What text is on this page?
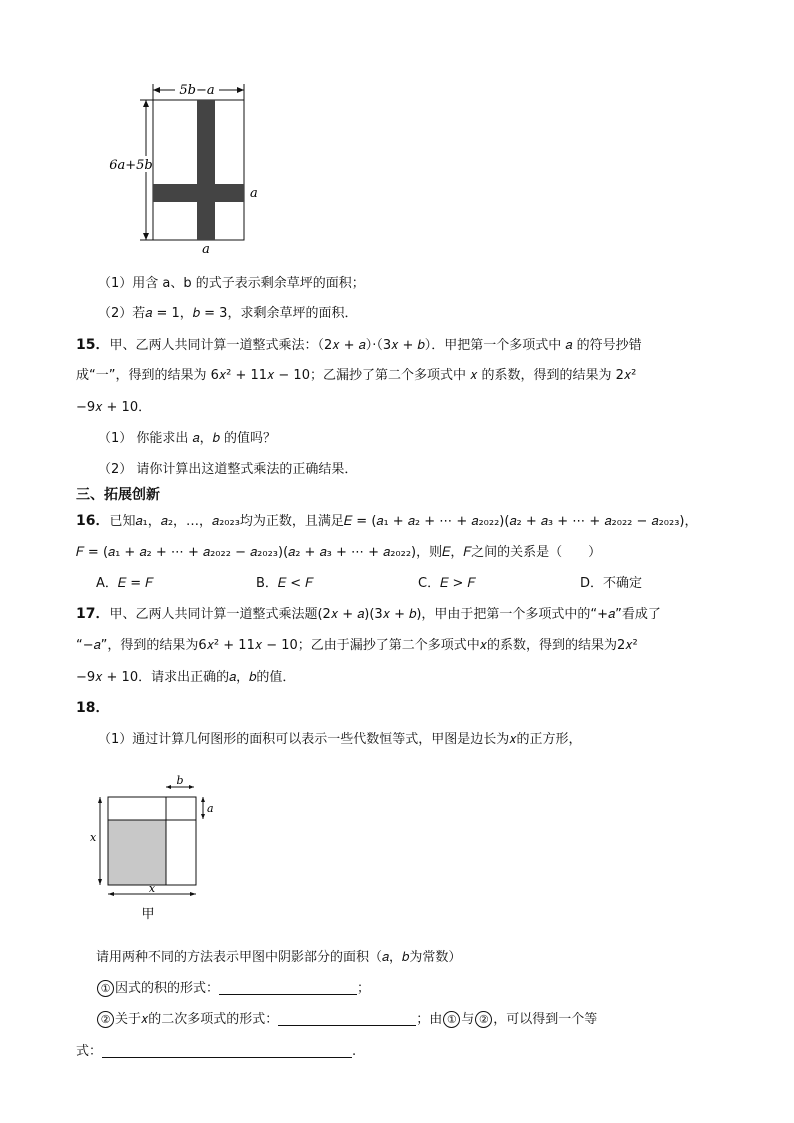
5b−a
6a+5b
a
a
（1）用含 a、b 的式子表示剩余草坪的面积；
（2）若𝑎 = 1，𝑏 = 3，求剩余草坪的面积．
15．甲、乙两人共同计算一道整式乘法：（2𝑥 + 𝑎）·（3𝑥 + 𝑏）．甲把第一个多项式中 𝑎 的符号抄错
成“一”，得到的结果为 6𝑥² + 11𝑥 − 10；乙漏抄了第二个多项式中 𝑥 的系数，得到的结果为 2𝑥²
−9𝑥 + 10．
（1） 你能求出 𝑎，𝑏 的值吗？
（2） 请你计算出这道整式乘法的正确结果．
三、拓展创新
16．已知𝑎₁，𝑎₂，…，𝑎₂₀₂₃均为正数，且满足𝐸 = (𝑎₁ + 𝑎₂ + ⋯ + 𝑎₂₀₂₂)(𝑎₂ + 𝑎₃ + ⋯ + 𝑎₂₀₂₂ − 𝑎₂₀₂₃)，
𝐹 = (𝑎₁ + 𝑎₂ + ⋯ + 𝑎₂₀₂₂ − 𝑎₂₀₂₃)(𝑎₂ + 𝑎₃ + ⋯ + 𝑎₂₀₂₂)，则𝐸，𝐹之间的关系是（　　）
A．𝐸 = 𝐹	B．𝐸 < 𝐹	C．𝐸 > 𝐹	D．不确定
17．甲、乙两人共同计算一道整式乘法题(2𝑥 + 𝑎)(3𝑥 + 𝑏)，甲由于把第一个多项式中的“+𝑎”看成了
“−𝑎”，得到的结果为6𝑥² + 11𝑥 − 10；乙由于漏抄了第二个多项式中𝑥的系数，得到的结果为2𝑥²
−9𝑥 + 10．请求出正确的𝑎，𝑏的值．
18．
（1）通过计算几何图形的面积可以表示一些代数恒等式，甲图是边长为𝑥的正方形，
b
a
x
x
甲
请用两种不同的方法表示甲图中阴影部分的面积（𝑎，𝑏为常数）
① 因式的积的形式：	；
② 关于𝑥的二次多项式的形式：	；由 ① 与 ② ，可以得到一个等
式：	.
